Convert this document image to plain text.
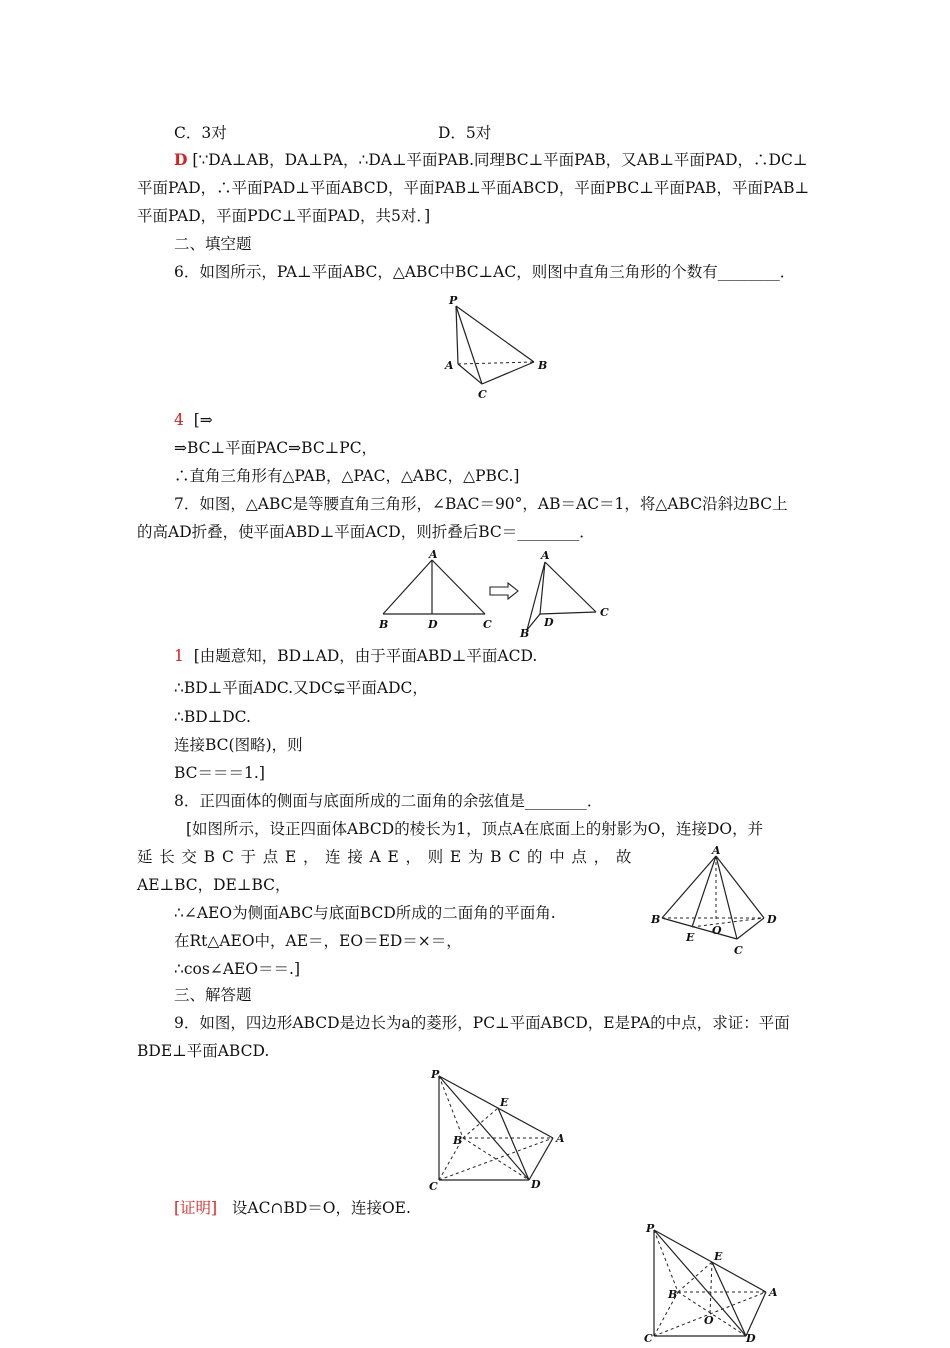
C．3对	D．5对
D [∵DA⊥AB，DA⊥PA，∴DA⊥平面PAB.同理BC⊥平面PAB，又AB⊥平面PAD，∴DC⊥
平面PAD，∴平面PAD⊥平面ABCD，平面PAB⊥平面ABCD，平面PBC⊥平面PAB，平面PAB⊥
平面PAD，平面PDC⊥平面PAD，共5对．]
二、填空题
6．如图所示，PA⊥平面ABC，△ABC中BC⊥AC，则图中直角三角形的个数有________．
P
A	B
C
4 [⇒
⇒BC⊥平面PAC⇒BC⊥PC，
∴直角三角形有△PAB，△PAC，△ABC，△PBC.]
7．如图，△ABC是等腰直角三角形，∠BAC＝90°，AB＝AC＝1，将△ABC沿斜边BC上
的高AD折叠，使平面ABD⊥平面ACD，则折叠后BC＝________．
A
B	D	C
A
B
D
C
1 [由题意知，BD⊥AD，由于平面ABD⊥平面ACD.
∴BD⊥平面ADC.又DC⊊平面ADC，
∴BD⊥DC.
连接BC(图略)，则
BC＝＝＝1.]
8．正四面体的侧面与底面所成的二面角的余弦值是________．
[如图所示，设正四面体ABCD的棱长为1，顶点A在底面上的射影为O，连接DO，并
延长交BC于点E，连接AE，则E为BC的中点，故
AE⊥BC，DE⊥BC，
∴∠AEO为侧面ABC与底面BCD所成的二面角的平面角.
在Rt△AEO中，AE＝，EO＝ED＝×＝，
∴cos∠AEO＝＝.]
A
B	D
E
O
C
三、解答题
9．如图，四边形ABCD是边长为a的菱形，PC⊥平面ABCD，E是PA的中点，求证：平面
BDE⊥平面ABCD.
P
E
B	A
C	D
[证明] 设AC∩BD＝O，连接OE.
P
E
B	A
O
C	D
